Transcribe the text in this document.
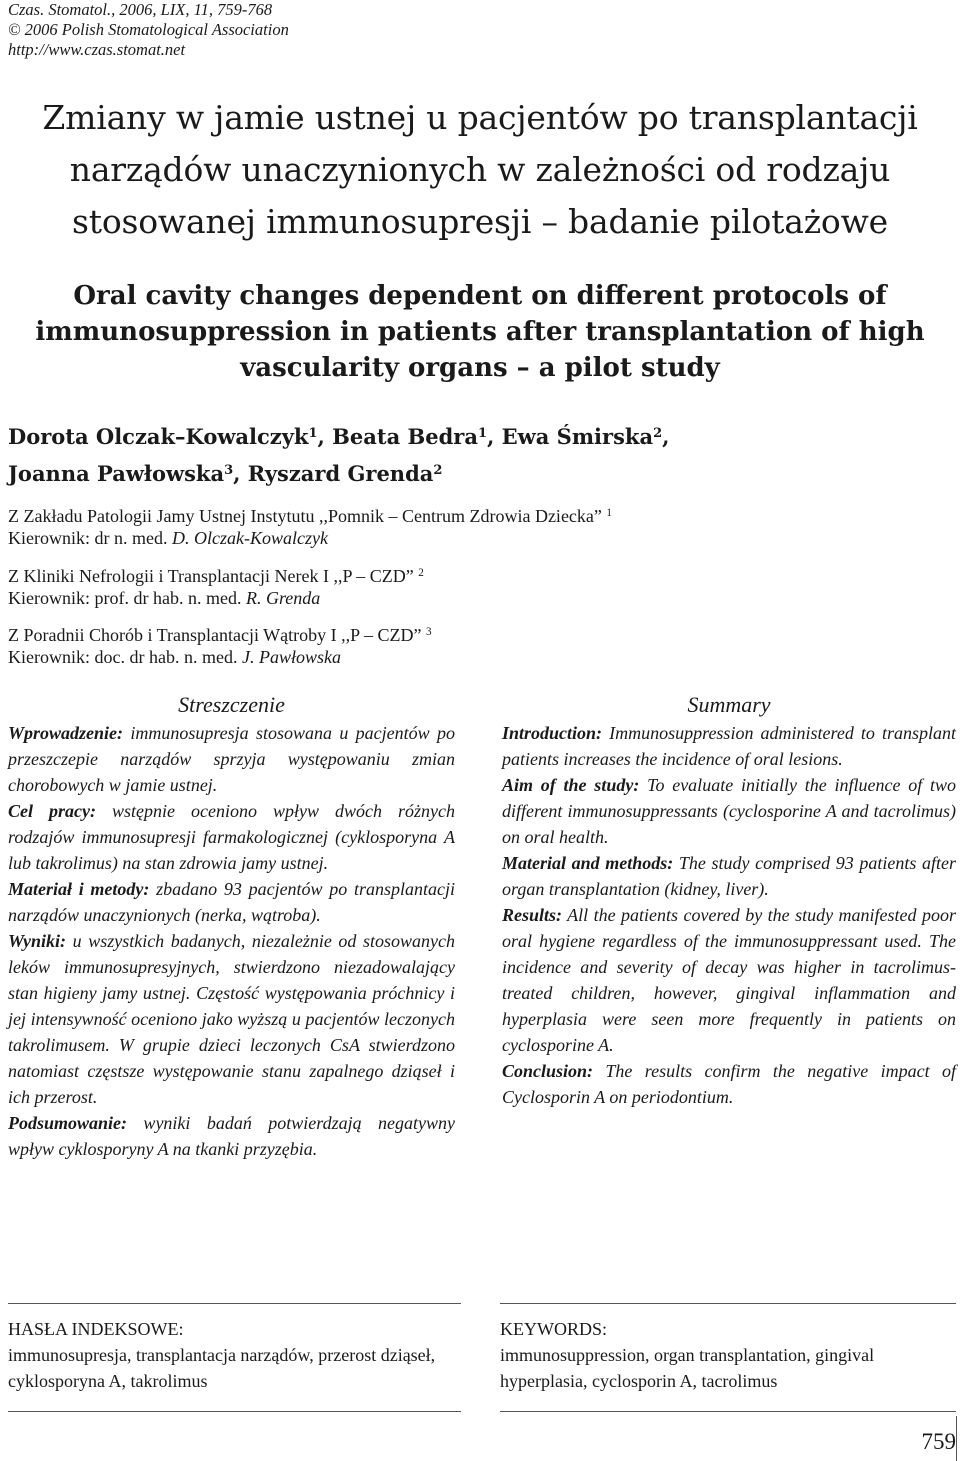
Czas. Stomatol., 2006, LIX, 11, 759-768
© 2006 Polish Stomatological Association
http://www.czas.stomat.net
Zmiany w jamie ustnej u pacjentów po transplantacji
narządów unaczynionych w zależności od rodzaju
stosowanej immunosupresji – badanie pilotażowe
Oral cavity changes dependent on different protocols of
immunosuppression in patients after transplantation of high
vascularity organs – a pilot study
Dorota Olczak–Kowalczyk$^1$, Beata Bedra$^1$, Ewa Śmirska$^2$,
Joanna Pawłowska$^3$, Ryszard Grenda$^2$
Z Zakładu Patologii Jamy Ustnej Instytutu ,,Pomnik – Centrum Zdrowia Dziecka” $^1$
Kierownik: dr n. med. D. Olczak-Kowalczyk
Z Kliniki Nefrologii i Transplantacji Nerek I ,,P – CZD” $^2$
Kierownik: prof. dr hab. n. med. R. Grenda
Z Poradnii Chorób i Transplantacji Wątroby I ,,P – CZD” $^3$
Kierownik: doc. dr hab. n. med. J. Pawłowska
Streszczenie

Wprowadzenie: immunosupresja stosowana u pacjentów po przeszczepie narządów sprzyja występowaniu zmian chorobowych w jamie ustnej.

Cel pracy: wstępnie oceniono wpływ dwóch różnych rodzajów immunosupresji farmakologicznej (cyklosporyna A lub takrolimus) na stan zdrowia jamy ustnej.

Materiał i metody: zbadano 93 pacjentów po transplantacji narządów unaczynionych (nerka, wątroba).

Wyniki: u wszystkich badanych, niezależnie od stosowanych leków immunosupresyjnych, stwierdzono niezadowalający stan higieny jamy ustnej. Częstość występowania próchnicy i jej intensywność oceniono jako wyższą u pacjentów leczonych takrolimusem. W grupie dzieci leczonych CsA stwierdzono natomiast częstsze występowanie stanu zapalnego dziąseł i ich przerost.

Podsumowanie: wyniki badań potwierdzają negatywny wpływ cyklosporyny A na tkanki przyzębia.

Summary

Introduction: Immunosuppression administered to transplant patients increases the incidence of oral lesions.

Aim of the study: To evaluate initially the influence of two different immunosuppressants (cyclosporine A and tacrolimus) on oral health.

Material and methods: The study comprised 93 patients after organ transplantation (kidney, liver).

Results: All the patients covered by the study manifested poor oral hygiene regardless of the immunosuppressant used. The incidence and severity of decay was higher in tacrolimus-treated children, however, gingival inflammation and hyperplasia were seen more frequently in patients on cyclosporine A.

Conclusion: The results confirm the negative impact of Cyclosporin A on periodontium.

HASŁA INDEKSOWE:
immunosupresja, transplantacja narządów, przerost dziąseł, cyklosporyna A, takrolimus
KEYWORDS:
immunosuppression, organ transplantation, gingival hyperplasia, cyclosporin A, tacrolimus
759
